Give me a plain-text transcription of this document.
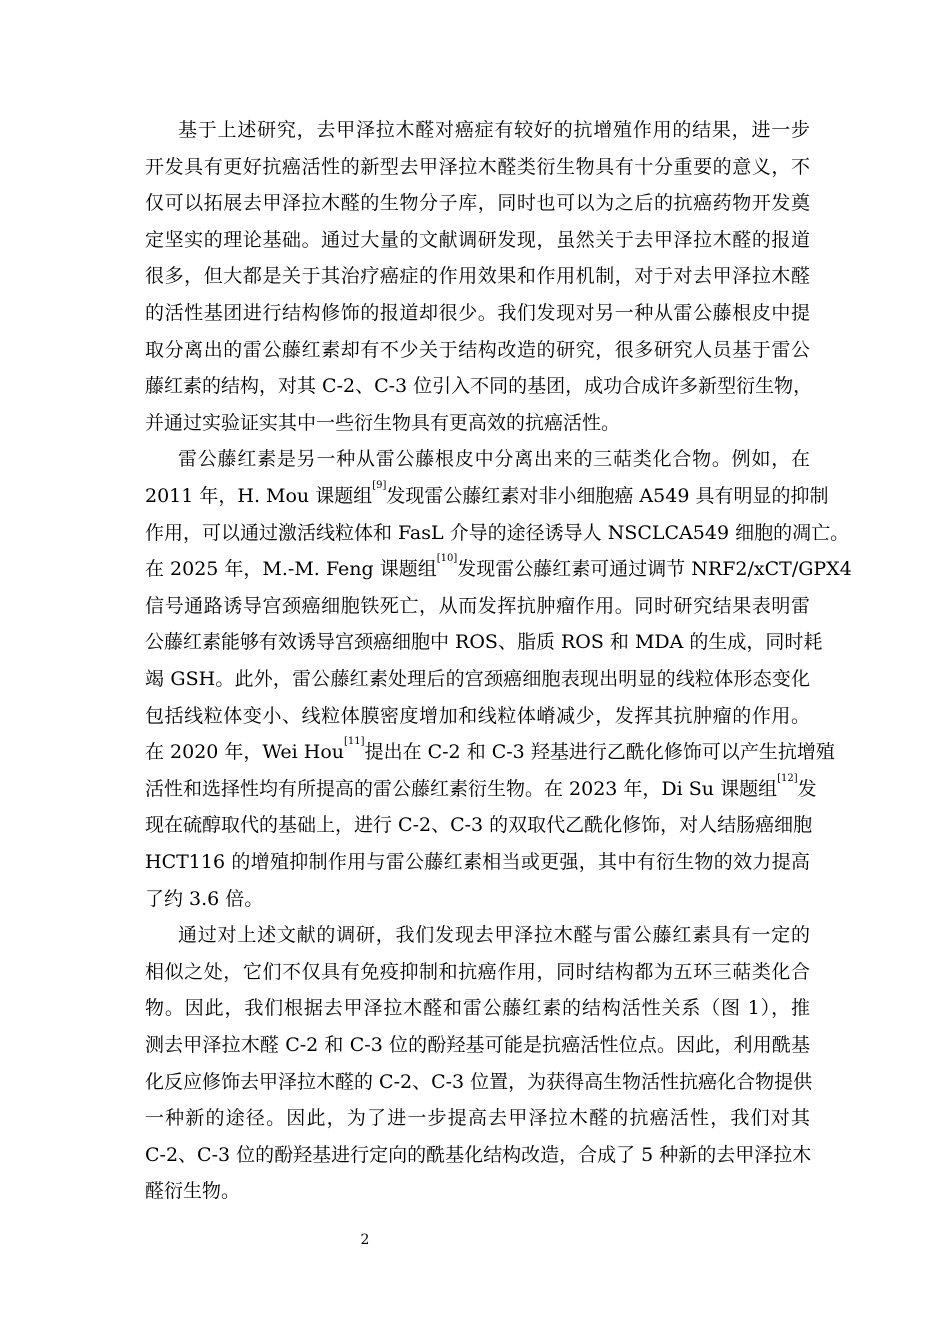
基于上述研究，去甲泽拉木醛对癌症有较好的抗增殖作用的结果，进一步
开发具有更好抗癌活性的新型去甲泽拉木醛类衍生物具有十分重要的意义，不
仅可以拓展去甲泽拉木醛的生物分子库，同时也可以为之后的抗癌药物开发奠
定坚实的理论基础。通过大量的文献调研发现，虽然关于去甲泽拉木醛的报道
很多，但大都是关于其治疗癌症的作用效果和作用机制，对于对去甲泽拉木醛
的活性基团进行结构修饰的报道却很少。我们发现对另一种从雷公藤根皮中提
取分离出的雷公藤红素却有不少关于结构改造的研究，很多研究人员基于雷公
藤红素的结构，对其 C-2、C-3 位引入不同的基团，成功合成许多新型衍生物，
并通过实验证实其中一些衍生物具有更高效的抗癌活性。
雷公藤红素是另一种从雷公藤根皮中分离出来的三萜类化合物。例如，在
2011 年，H. Mou 课题组[9]发现雷公藤红素对非小细胞癌 A549 具有明显的抑制
作用，可以通过激活线粒体和 FasL 介导的途径诱导人 NSCLCA549 细胞的凋亡。
在 2025 年，M.-M. Feng 课题组[10]发现雷公藤红素可通过调节 NRF2/xCT/GPX4
信号通路诱导宫颈癌细胞铁死亡，从而发挥抗肿瘤作用。同时研究结果表明雷
公藤红素能够有效诱导宫颈癌细胞中 ROS、脂质 ROS 和 MDA 的生成，同时耗
竭 GSH。此外，雷公藤红素处理后的宫颈癌细胞表现出明显的线粒体形态变化
包括线粒体变小、线粒体膜密度增加和线粒体嵴减少，发挥其抗肿瘤的作用。
在 2020 年，Wei Hou[11]提出在 C-2 和 C-3 羟基进行乙酰化修饰可以产生抗增殖
活性和选择性均有所提高的雷公藤红素衍生物。在 2023 年，Di Su 课题组[12]发
现在硫醇取代的基础上，进行 C-2、C-3 的双取代乙酰化修饰，对人结肠癌细胞
HCT116 的增殖抑制作用与雷公藤红素相当或更强，其中有衍生物的效力提高
了约 3.6 倍。
通过对上述文献的调研，我们发现去甲泽拉木醛与雷公藤红素具有一定的
相似之处，它们不仅具有免疫抑制和抗癌作用，同时结构都为五环三萜类化合
物。因此，我们根据去甲泽拉木醛和雷公藤红素的结构活性关系（图 1），推
测去甲泽拉木醛 C-2 和 C-3 位的酚羟基可能是抗癌活性位点。因此，利用酰基
化反应修饰去甲泽拉木醛的 C-2、C-3 位置，为获得高生物活性抗癌化合物提供
一种新的途径。因此，为了进一步提高去甲泽拉木醛的抗癌活性，我们对其
C-2、C-3 位的酚羟基进行定向的酰基化结构改造，合成了 5 种新的去甲泽拉木
醛衍生物。
2
